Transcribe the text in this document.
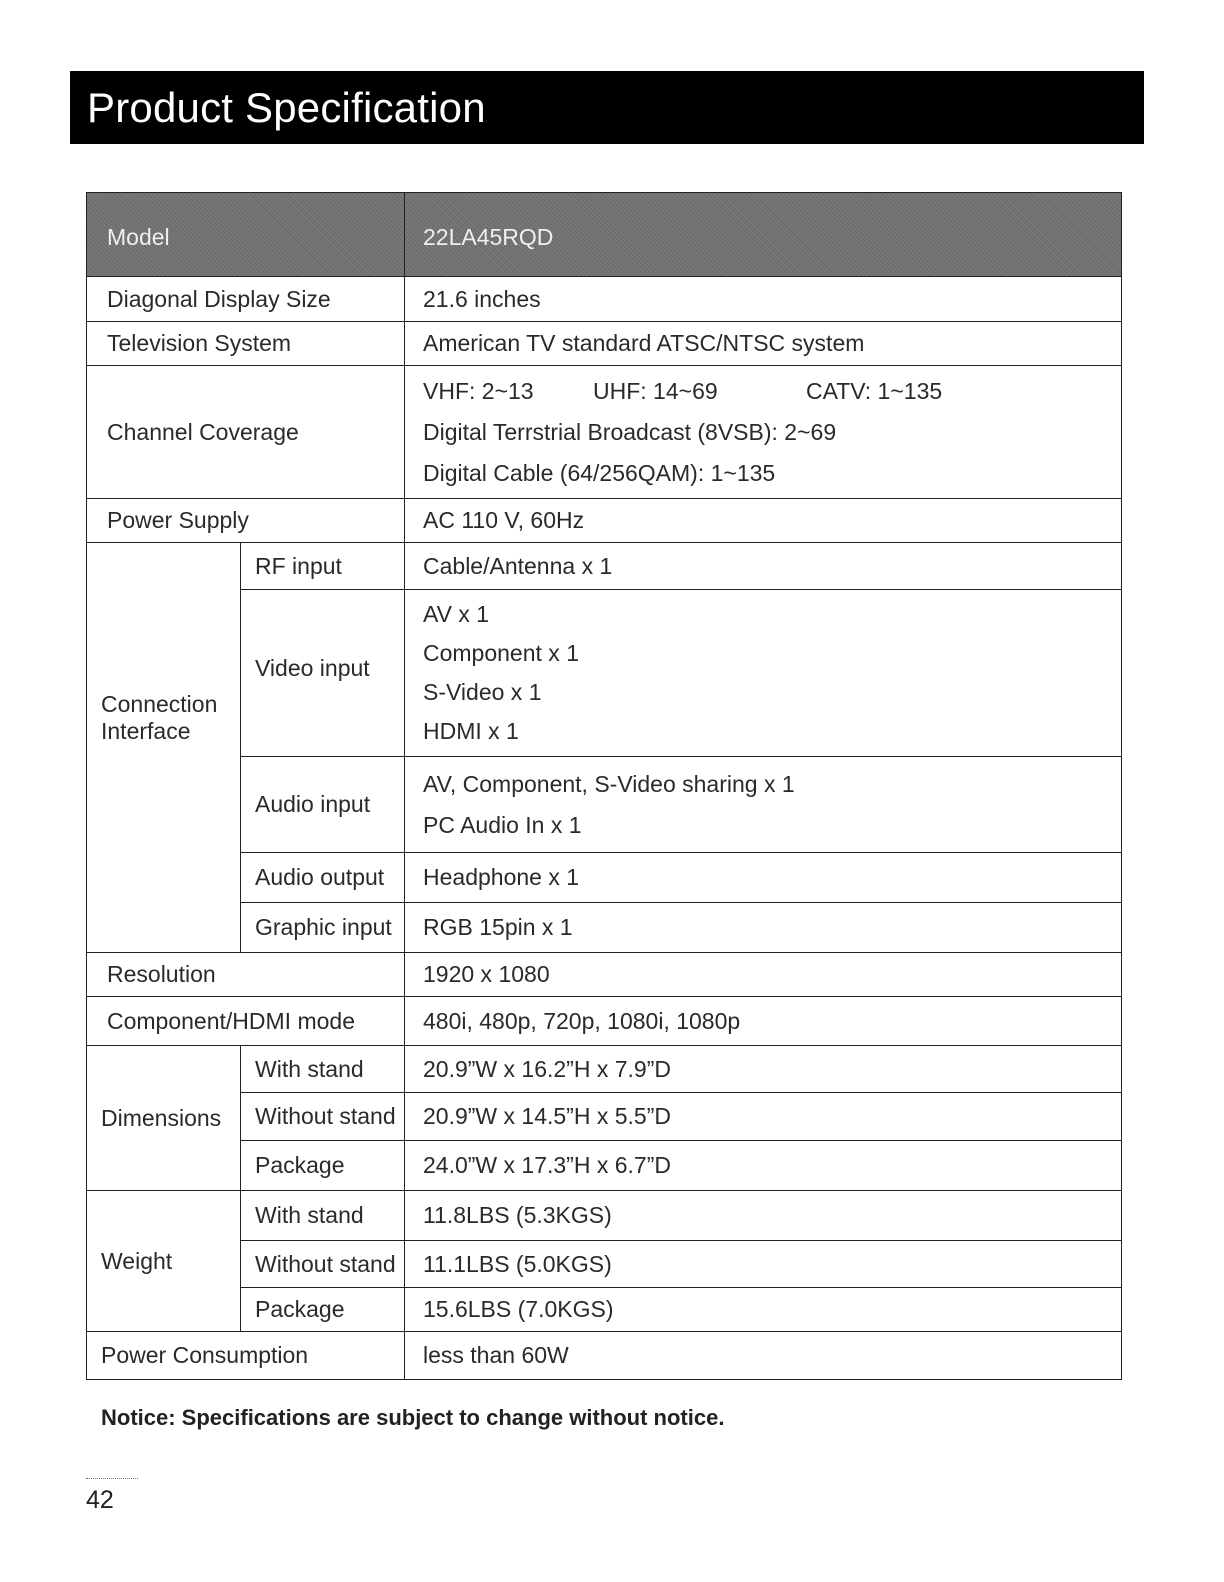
Product Specification
Model		22LA45RQD
Diagonal Display Size		21.6 inches
Television System		American TV standard ATSC/NTSC system
Channel Coverage		VHF: 2~13 UHF: 14~69 CATV: 1~135
Digital Terrstrial Broadcast (8VSB): 2~69
Digital Cable (64/256QAM): 1~135

Power Supply		AC 110 V, 60Hz

Connection
Interface	RF input	Cable/Antenna x 1
	Video input	AV x 1
Component x 1
S-Video x 1
HDMI x 1

	Audio input	AV, Component, S-Video sharing x 1
PC Audio In x 1

	Audio output	Headphone x 1
	Graphic input	RGB 15pin x 1
Resolution		1920 x 1080
Component/HDMI mode		480i, 480p, 720p, 1080i, 1080p
Dimensions	With stand	20.9”W x 16.2”H x 7.9”D
	Without stand	20.9”W x 14.5”H x 5.5”D
	Package	24.0”W x 17.3”H x 6.7”D
Weight	With stand	11.8LBS (5.3KGS)
	Without stand	11.1LBS (5.0KGS)
	Package	15.6LBS (7.0KGS)
Power Consumption		less than 60W
Notice: Specifications are subject to change without notice.
42
